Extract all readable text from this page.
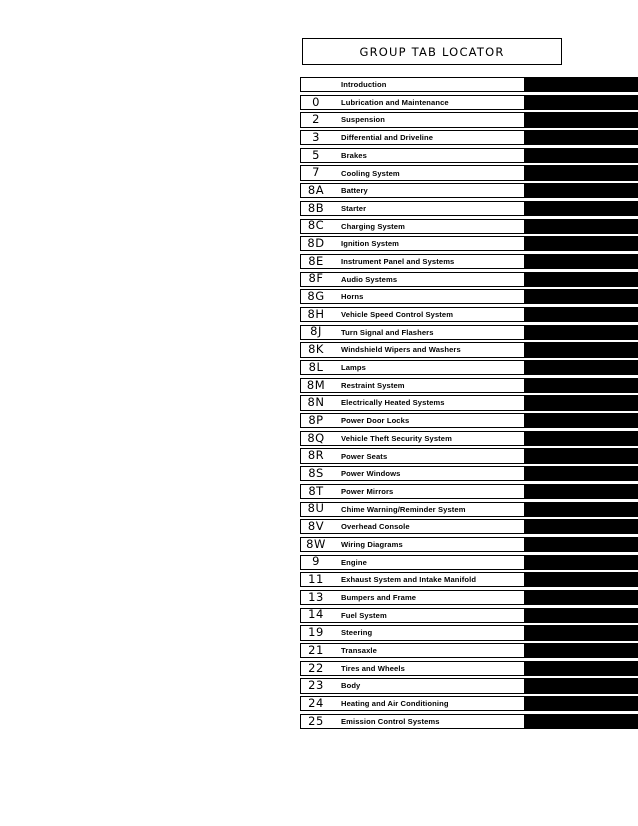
GROUP TAB LOCATOR
Introduction
0	Lubrication and Maintenance
2	Suspension
3	Differential and Driveline
5	Brakes
7	Cooling System
8A	Battery
8B	Starter
8C	Charging System
8D	Ignition System
8E	Instrument Panel and Systems
8F	Audio Systems
8G	Horns
8H	Vehicle Speed Control System
8J	Turn Signal and Flashers
8K	Windshield Wipers and Washers
8L	Lamps
8M	Restraint System
8N	Electrically Heated Systems
8P	Power Door Locks
8Q	Vehicle Theft Security System
8R	Power Seats
8S	Power Windows
8T	Power Mirrors
8U	Chime Warning/Reminder System
8V	Overhead Console
8W	Wiring Diagrams
9	Engine
11	Exhaust System and Intake Manifold
13	Bumpers and Frame
14	Fuel System
19	Steering
21	Transaxle
22	Tires and Wheels
23	Body
24	Heating and Air Conditioning
25	Emission Control Systems
